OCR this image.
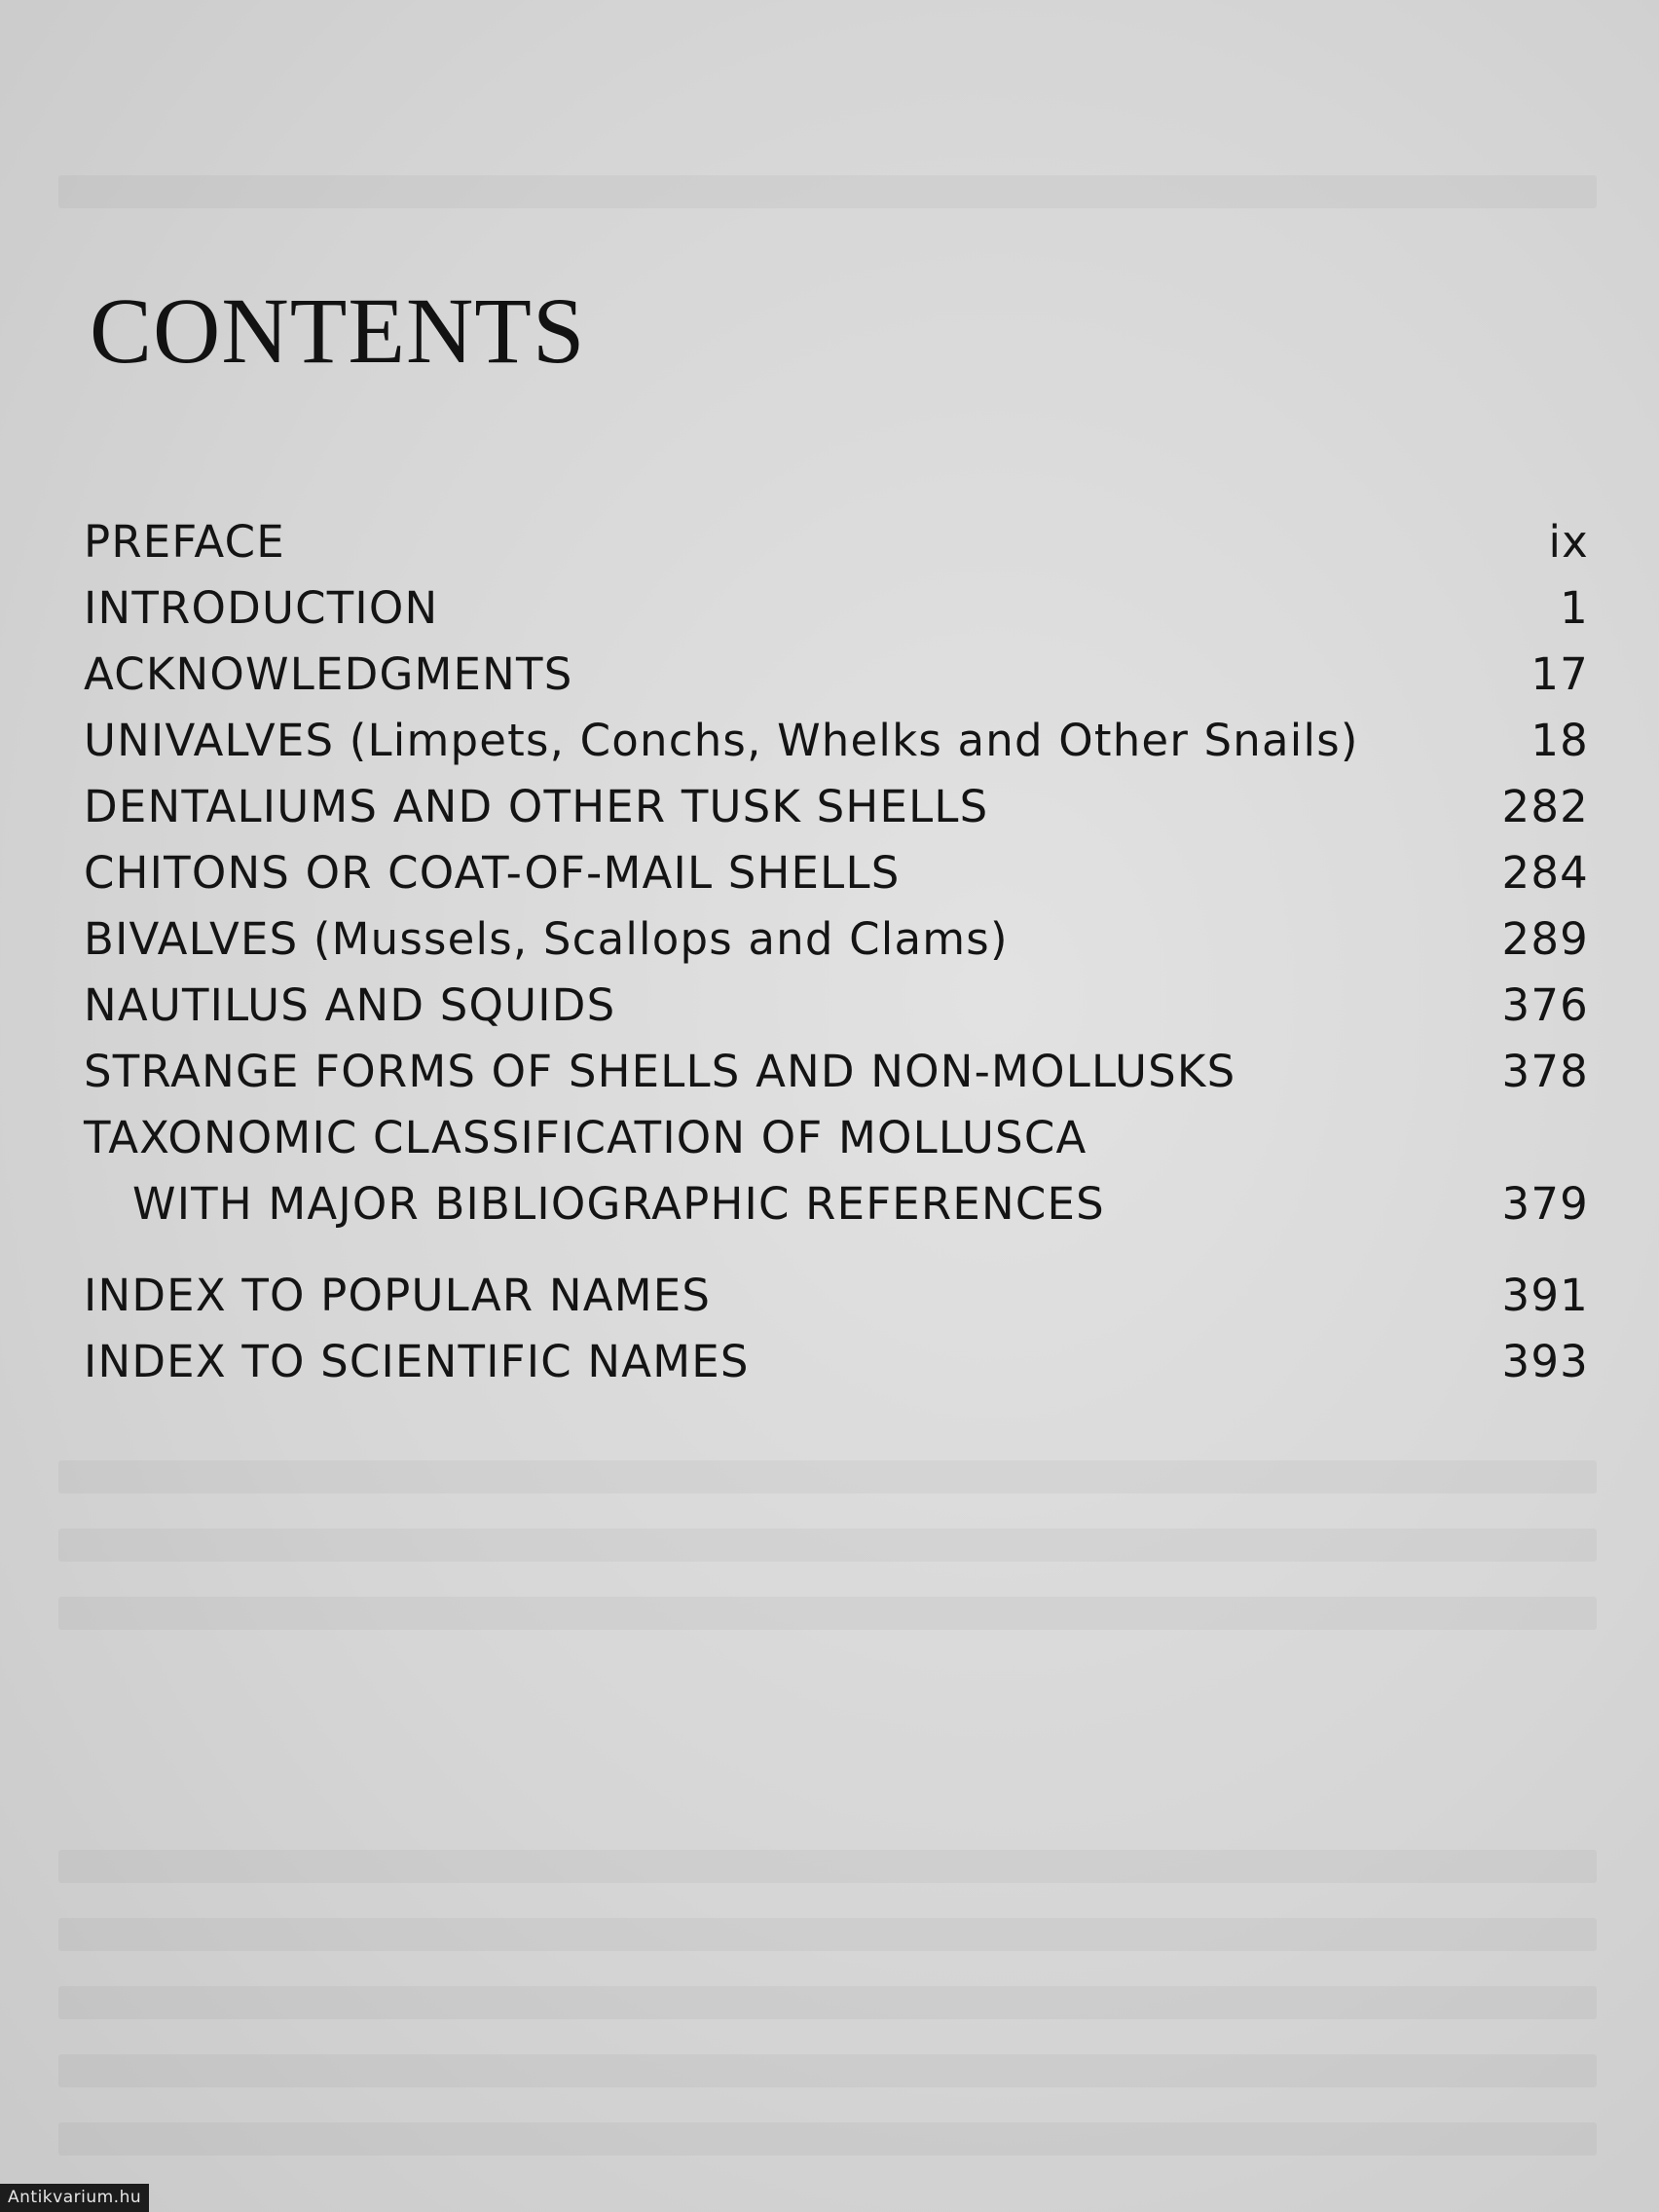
CONTENTS
PREFACE	ix
INTRODUCTION	1
ACKNOWLEDGMENTS	17
UNIVALVES (Limpets, Conchs, Whelks and Other Snails)	18
DENTALIUMS AND OTHER TUSK SHELLS	282
CHITONS OR COAT-OF-MAIL SHELLS	284
BIVALVES (Mussels, Scallops and Clams)	289
NAUTILUS AND SQUIDS	376
STRANGE FORMS OF SHELLS AND NON-MOLLUSKS	378
TAXONOMIC CLASSIFICATION OF MOLLUSCA
WITH MAJOR BIBLIOGRAPHIC REFERENCES	379
INDEX TO POPULAR NAMES	391
INDEX TO SCIENTIFIC NAMES	393
Antikvarium.hu
